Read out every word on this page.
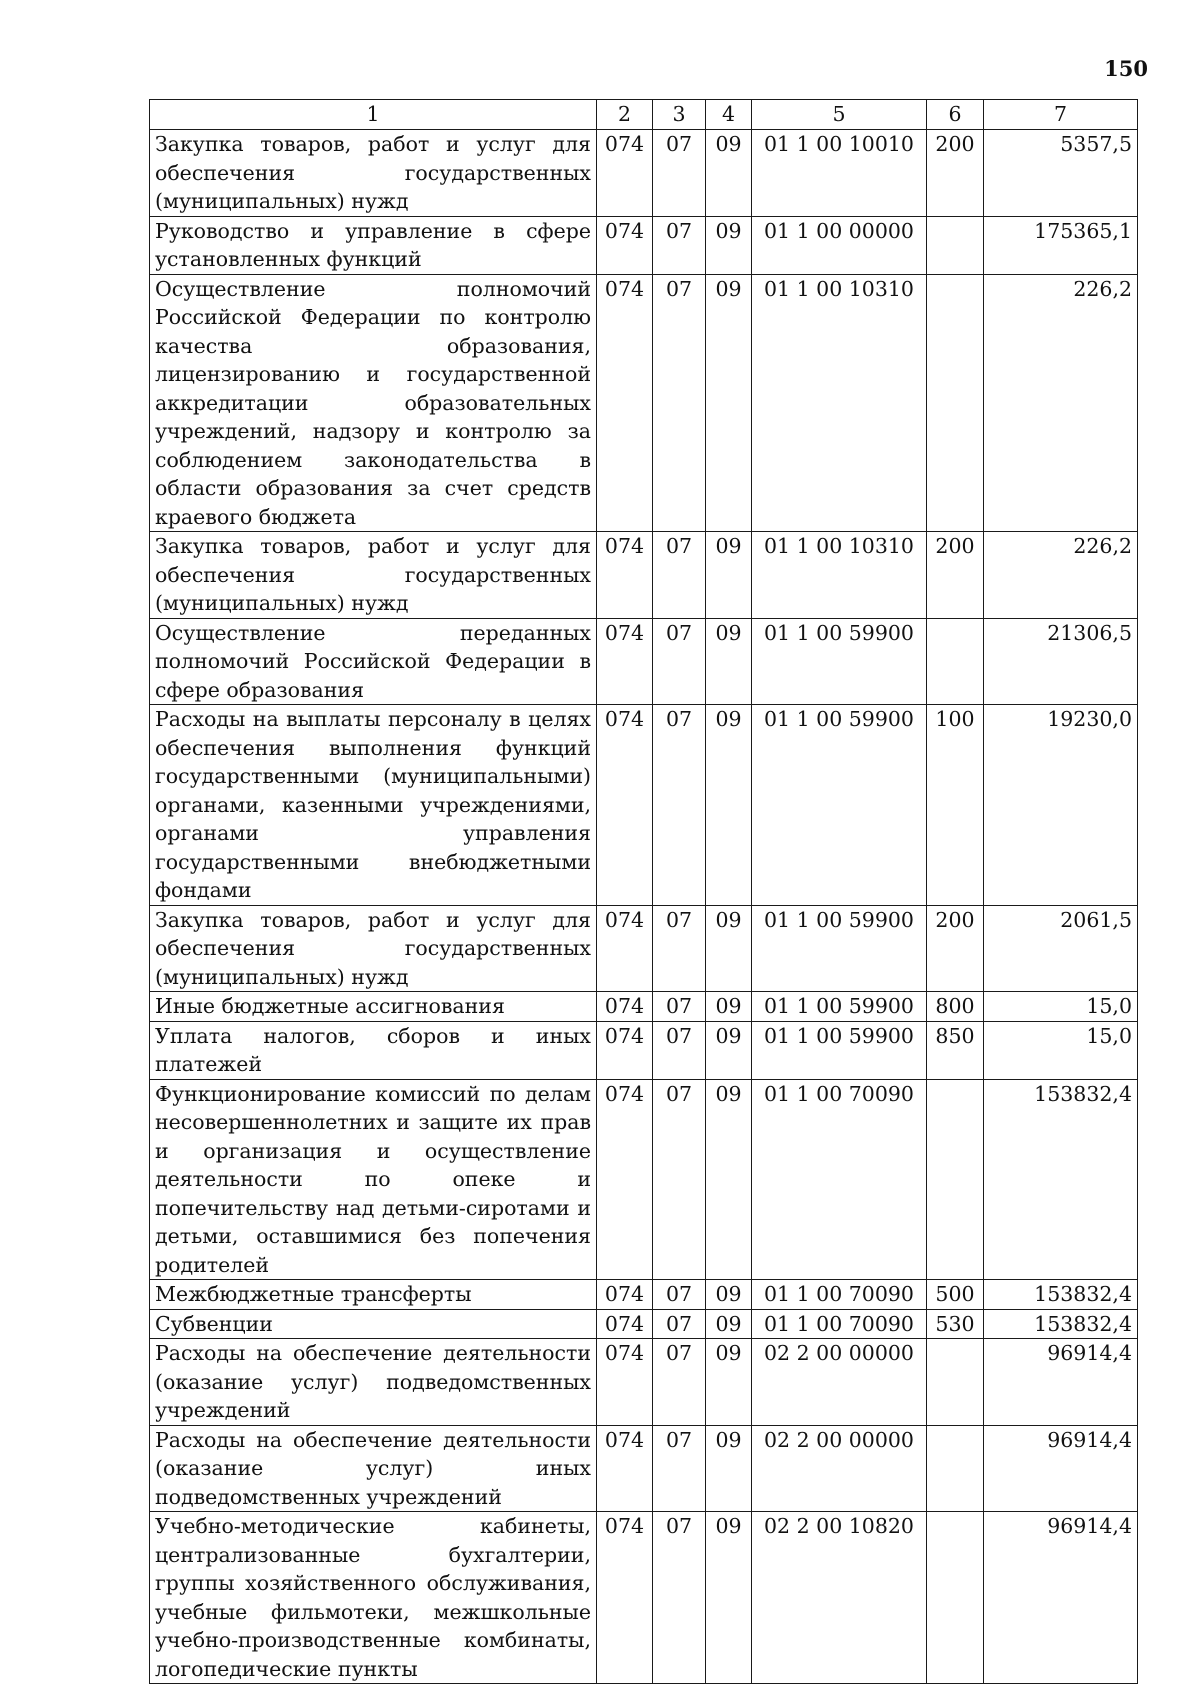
150
1	2	3	4	5	6	7
Закупка товаров, работ и услуг для обеспечения государственных (муниципальных) нужд	074	07	09	01 1 00 10010	200	5357,5
Руководство и управление в сфере установленных функций	074	07	09	01 1 00 00000		175365,1
Осуществление полномочий Российской Федерации по контролю качества образования, лицензированию и государственной аккредитации образовательных учреждений, надзору и контролю за соблюдением законодательства в области образования за счет средств краевого бюджета	074	07	09	01 1 00 10310		226,2
Закупка товаров, работ и услуг для обеспечения государственных (муниципальных) нужд	074	07	09	01 1 00 10310	200	226,2
Осуществление переданных полномочий Российской Федерации в сфере образования	074	07	09	01 1 00 59900		21306,5
Расходы на выплаты персоналу в целях обеспечения выполнения функций государственными (муниципальными) органами, казенными учреждениями, органами управления государственными внебюджетными фондами	074	07	09	01 1 00 59900	100	19230,0
Закупка товаров, работ и услуг для обеспечения государственных (муниципальных) нужд	074	07	09	01 1 00 59900	200	2061,5
Иные бюджетные ассигнования	074	07	09	01 1 00 59900	800	15,0
Уплата налогов, сборов и иных платежей	074	07	09	01 1 00 59900	850	15,0
Функционирование комиссий по делам несовершеннолетних и защите их прав и организация и осуществление деятельности по опеке и попечительству над детьми-сиротами и детьми, оставшимися без попечения родителей	074	07	09	01 1 00 70090		153832,4
Межбюджетные трансферты	074	07	09	01 1 00 70090	500	153832,4
Субвенции	074	07	09	01 1 00 70090	530	153832,4
Расходы на обеспечение деятельности (оказание услуг) подведомственных учреждений	074	07	09	02 2 00 00000		96914,4
Расходы на обеспечение деятельности (оказание услуг) иных подведомственных учреждений	074	07	09	02 2 00 00000		96914,4
Учебно-методические кабинеты, централизованные бухгалтерии, группы хозяйственного обслуживания, учебные фильмотеки, межшкольные учебно-производственные комбинаты, логопедические пункты	074	07	09	02 2 00 10820		96914,4
